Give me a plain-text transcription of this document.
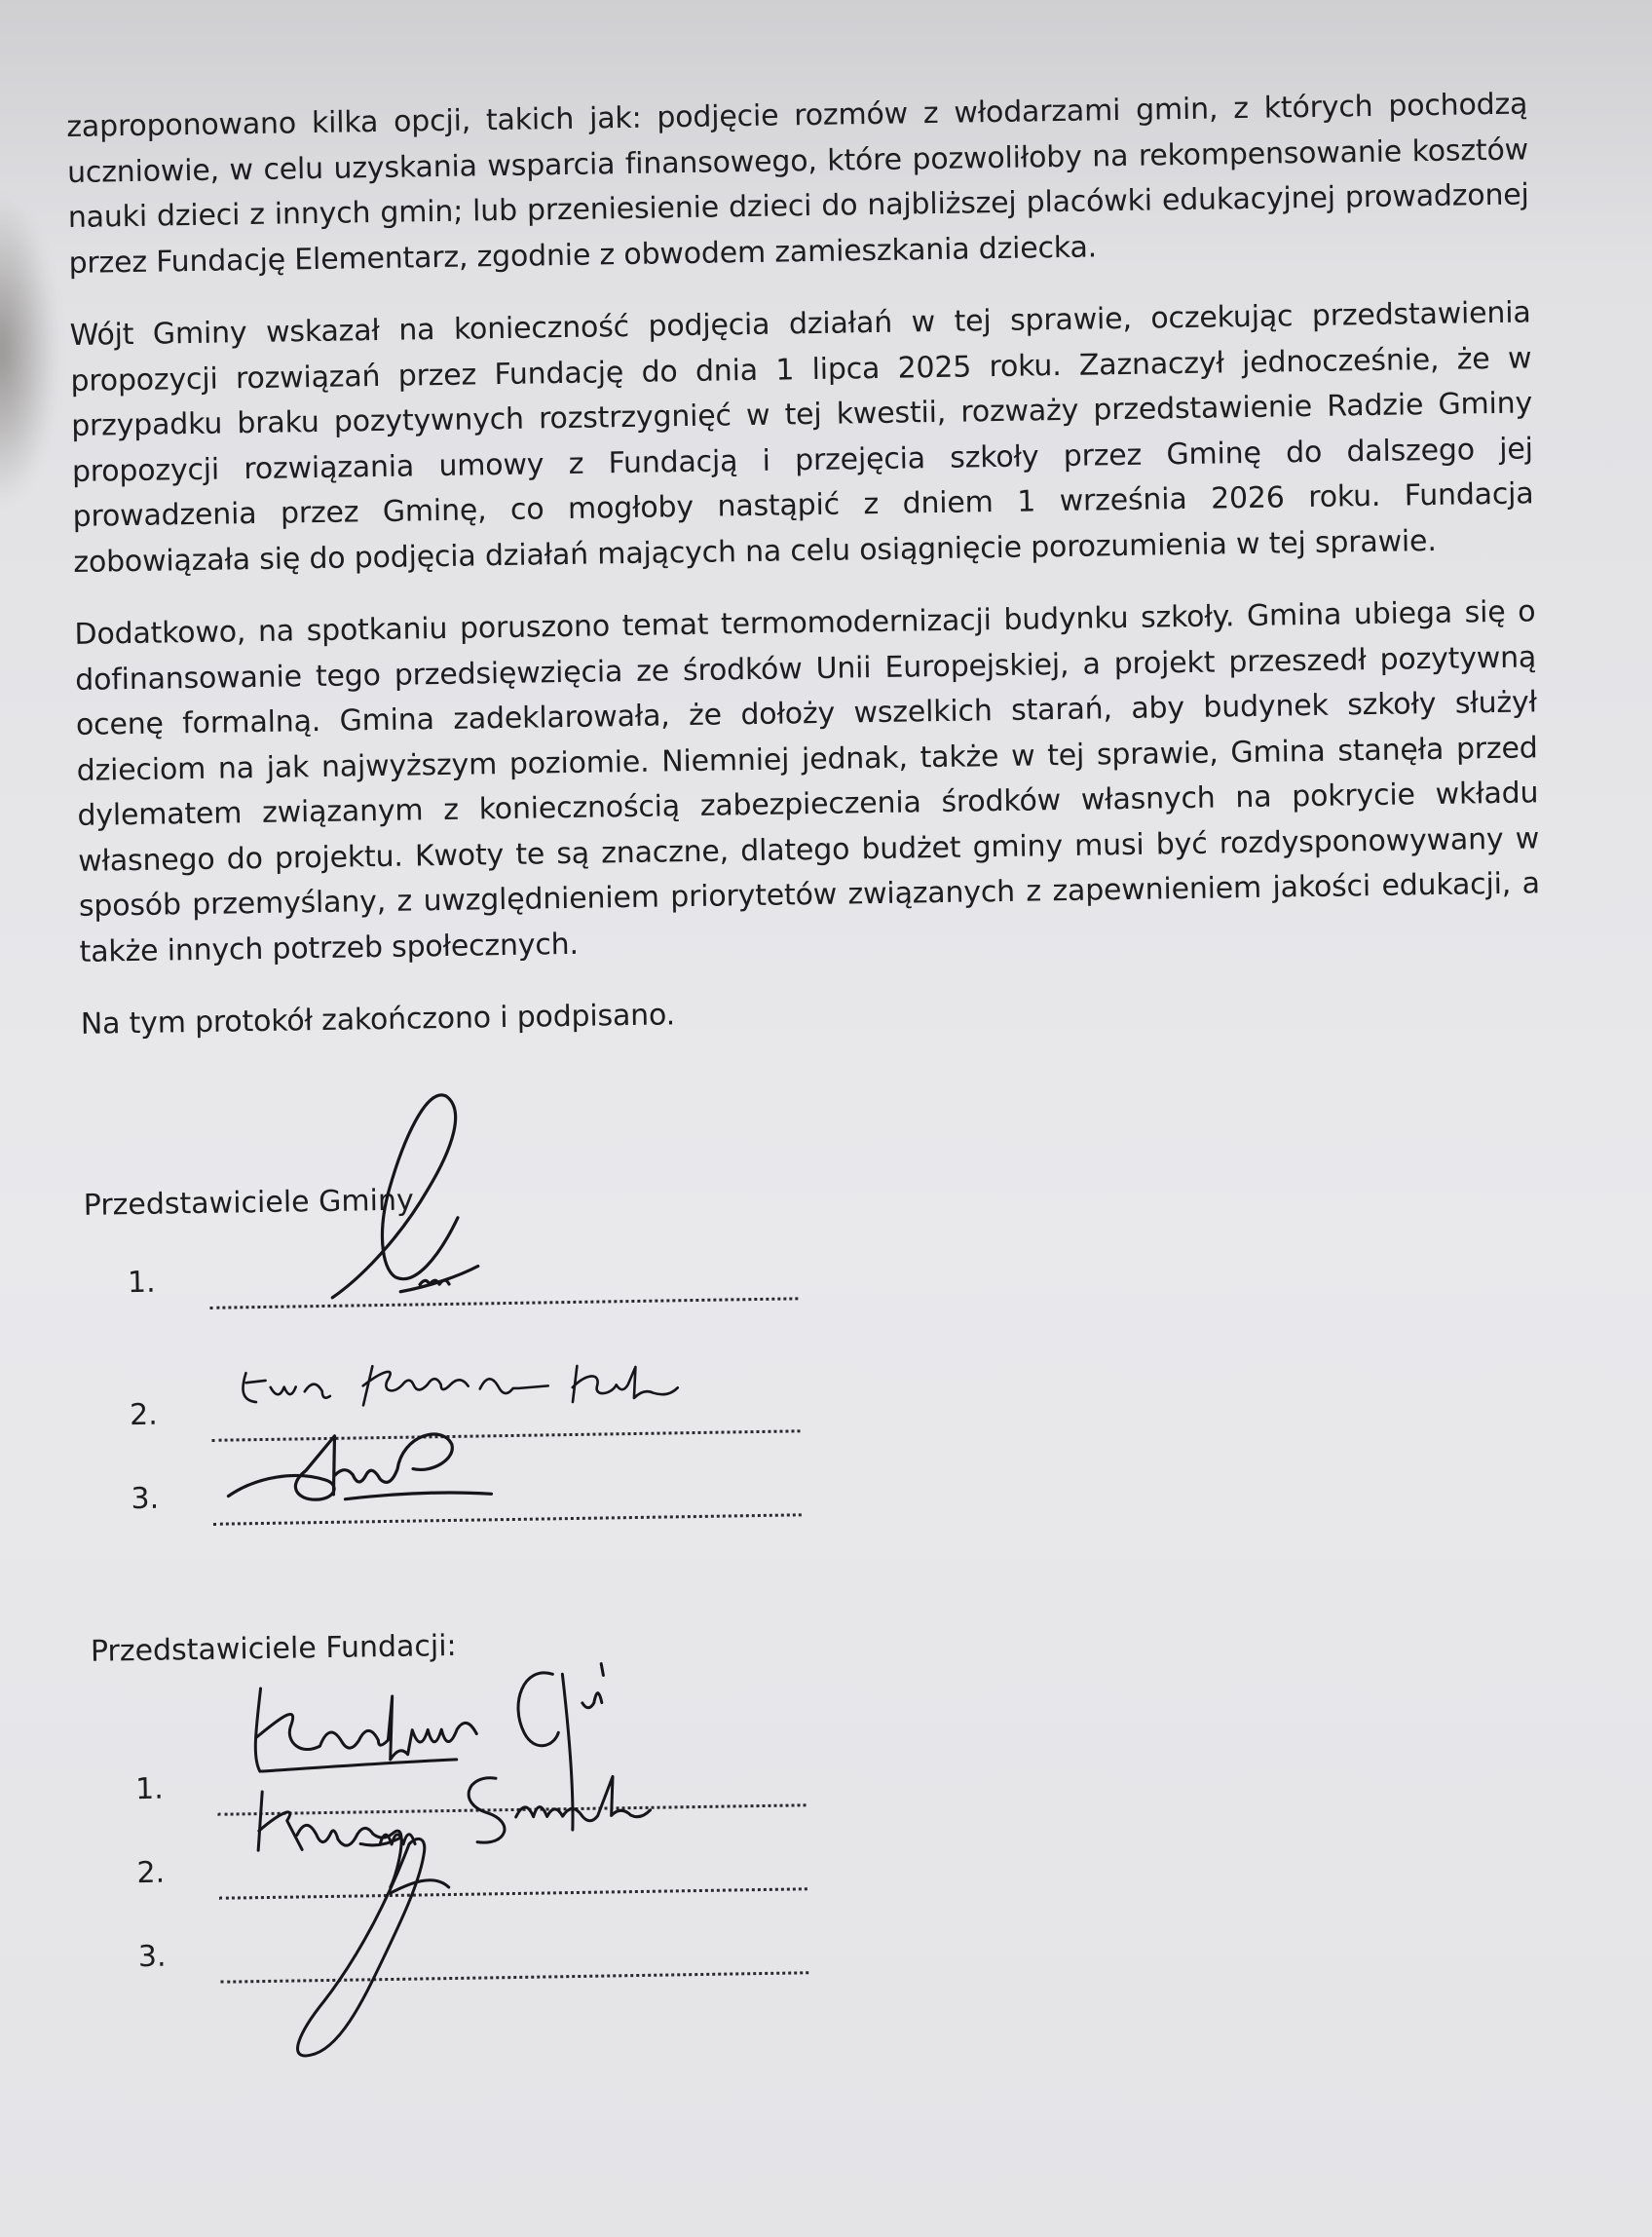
zaproponowano kilka opcji, takich jak: podjęcie rozmów z włodarzami gmin, z których pochodzą uczniowie, w celu uzyskania wsparcia finansowego, które pozwoliłoby na rekompensowanie kosztów nauki dzieci z innych gmin; lub przeniesienie dzieci do najbliższej placówki edukacyjnej prowadzonej przez Fundację Elementarz, zgodnie z obwodem zamieszkania dziecka.

Wójt Gminy wskazał na konieczność podjęcia działań w tej sprawie, oczekując przedstawienia propozycji rozwiązań przez Fundację do dnia 1 lipca 2025 roku. Zaznaczył jednocześnie, że w przypadku braku pozytywnych rozstrzygnięć w tej kwestii, rozważy przedstawienie Radzie Gminy propozycji rozwiązania umowy z Fundacją i przejęcia szkoły przez Gminę do dalszego jej prowadzenia przez Gminę, co mogłoby nastąpić z dniem 1 września 2026 roku. Fundacja zobowiązała się do podjęcia działań mających na celu osiągnięcie porozumienia w tej sprawie.

Dodatkowo, na spotkaniu poruszono temat termomodernizacji budynku szkoły. Gmina ubiega się o dofinansowanie tego przedsięwzięcia ze środków Unii Europejskiej, a projekt przeszedł pozytywną ocenę formalną. Gmina zadeklarowała, że dołoży wszelkich starań, aby budynek szkoły służył dzieciom na jak najwyższym poziomie. Niemniej jednak, także w tej sprawie, Gmina stanęła przed dylematem związanym z koniecznością zabezpieczenia środków własnych na pokrycie wkładu własnego do projektu. Kwoty te są znaczne, dlatego budżet gminy musi być rozdysponowywany w sposób przemyślany, z uwzględnieniem priorytetów związanych z zapewnieniem jakości edukacji, a także innych potrzeb społecznych.

Na tym protokół zakończono i podpisano.

Przedstawiciele Gminy
1.
2.
3.
Przedstawiciele Fundacji:
1.
2.
3.
